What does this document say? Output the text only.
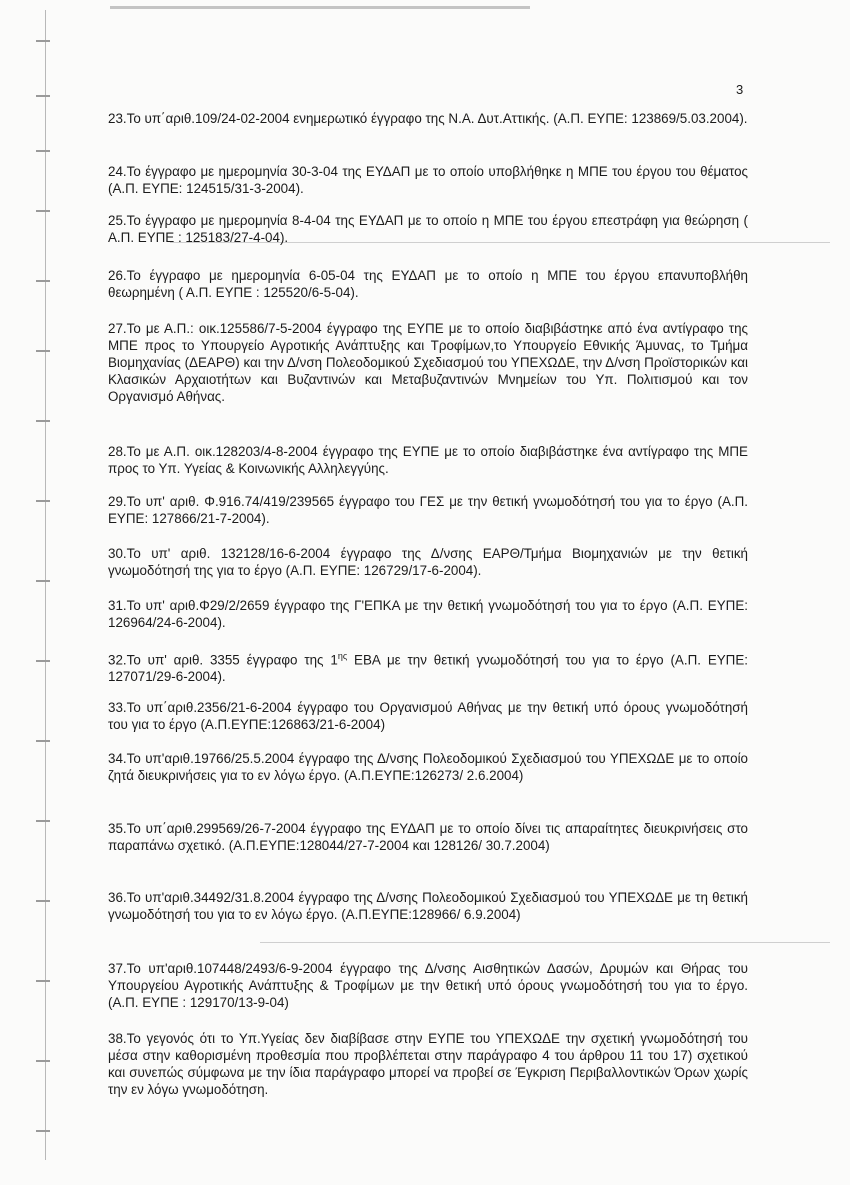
3

23.Το υπ΄αριθ.109/24-02-2004 ενημερωτικό έγγραφο της Ν.Α. Δυτ.Αττικής. (Α.Π. ΕΥΠΕ: 123869/5.03.2004).

24.Το έγγραφο με ημερομηνία 30-3-04 της ΕΥΔΑΠ με το οποίο υποβλήθηκε η ΜΠΕ του έργου του θέματος (Α.Π. ΕΥΠΕ: 124515/31-3-2004).

25.Το έγγραφο με ημερομηνία 8-4-04 της ΕΥΔΑΠ με το οποίο η ΜΠΕ του έργου επεστράφη για θεώρηση ( Α.Π. ΕΥΠΕ : 125183/27-4-04).

26.Το έγγραφο με ημερομηνία 6-05-04 της ΕΥΔΑΠ με το οποίο η ΜΠΕ του έργου επανυποβλήθη θεωρημένη ( Α.Π. ΕΥΠΕ : 125520/6-5-04).

27.Το με Α.Π.: οικ.125586/7-5-2004 έγγραφο της ΕΥΠΕ με το οποίο διαβιβάστηκε από ένα αντίγραφο της ΜΠΕ προς το Υπουργείο Αγροτικής Ανάπτυξης και Τροφίμων,το Υπουργείο Εθνικής Άμυνας, το Τμήμα Βιομηχανίας (ΔΕΑΡΘ) και την Δ/νση Πολεοδομικού Σχεδιασμού του ΥΠΕΧΩΔΕ, την Δ/νση Προϊστορικών και Κλασικών Αρχαιοτήτων και Βυζαντινών και Μεταβυζαντινών Μνημείων του Υπ. Πολιτισμού και τον Οργανισμό Αθήνας.

28.Το με Α.Π. οικ.128203/4-8-2004 έγγραφο της ΕΥΠΕ με το οποίο διαβιβάστηκε ένα αντίγραφο της ΜΠΕ προς το Υπ. Υγείας & Κοινωνικής Αλληλεγγύης.

29.Το υπ' αριθ. Φ.916.74/419/239565 έγγραφο του ΓΕΣ με την θετική γνωμοδότησή του για το έργο (Α.Π. ΕΥΠΕ: 127866/21-7-2004).

30.Το υπ' αριθ. 132128/16-6-2004 έγγραφο της Δ/νσης ΕΑΡΘ/Τμήμα Βιομηχανιών με την θετική γνωμοδότησή της για το έργο (Α.Π. ΕΥΠΕ: 126729/17-6-2004).

31.Το υπ' αριθ.Φ29/2/2659 έγγραφο της Γ'ΕΠΚΑ με την θετική γνωμοδότησή του για το έργο (Α.Π. ΕΥΠΕ: 126964/24-6-2004).

32.Το υπ' αριθ. 3355 έγγραφο της $1^{\eta\varsigma}$ ΕΒΑ με την θετική γνωμοδότησή του για το έργο (Α.Π. ΕΥΠΕ: 127071/29-6-2004).

33.Το υπ΄αριθ.2356/21-6-2004 έγγραφο του Οργανισμού Αθήνας με την θετική υπό όρους γνωμοδότησή του για το έργο (Α.Π.ΕΥΠΕ:126863/21-6-2004)

34.Το υπ'αριθ.19766/25.5.2004 έγγραφο της Δ/νσης Πολεοδομικού Σχεδιασμού του ΥΠΕΧΩΔΕ με το οποίο ζητά διευκρινήσεις για το εν λόγω έργο. (Α.Π.ΕΥΠΕ:126273/ 2.6.2004)

35.Το υπ΄αριθ.299569/26-7-2004 έγγραφο της ΕΥΔΑΠ με το οποίο δίνει τις απαραίτητες διευκρινήσεις στο παραπάνω σχετικό. (Α.Π.ΕΥΠΕ:128044/27-7-2004 και 128126/ 30.7.2004)

36.Το υπ'αριθ.34492/31.8.2004 έγγραφο της Δ/νσης Πολεοδομικού Σχεδιασμού του ΥΠΕΧΩΔΕ με τη θετική γνωμοδότησή του για το εν λόγω έργο. (Α.Π.ΕΥΠΕ:128966/ 6.9.2004)

37.Το υπ'αριθ.107448/2493/6-9-2004 έγγραφο της Δ/νσης Αισθητικών Δασών, Δρυμών και Θήρας του Υπουργείου Αγροτικής Ανάπτυξης & Τροφίμων με την θετική υπό όρους γνωμοδότησή του για το έργο. (Α.Π. ΕΥΠΕ : 129170/13-9-04)

38.Το γεγονός ότι το Υπ.Υγείας δεν διαβίβασε στην ΕΥΠΕ του ΥΠΕΧΩΔΕ την σχετική γνωμοδότησή του μέσα στην καθορισμένη προθεσμία που προβλέπεται στην παράγραφο 4 του άρθρου 11 του 17) σχετικού και συνεπώς σύμφωνα με την ίδια παράγραφο μπορεί να προβεί σε Έγκριση Περιβαλλοντικών Όρων χωρίς την εν λόγω γνωμοδότηση.
